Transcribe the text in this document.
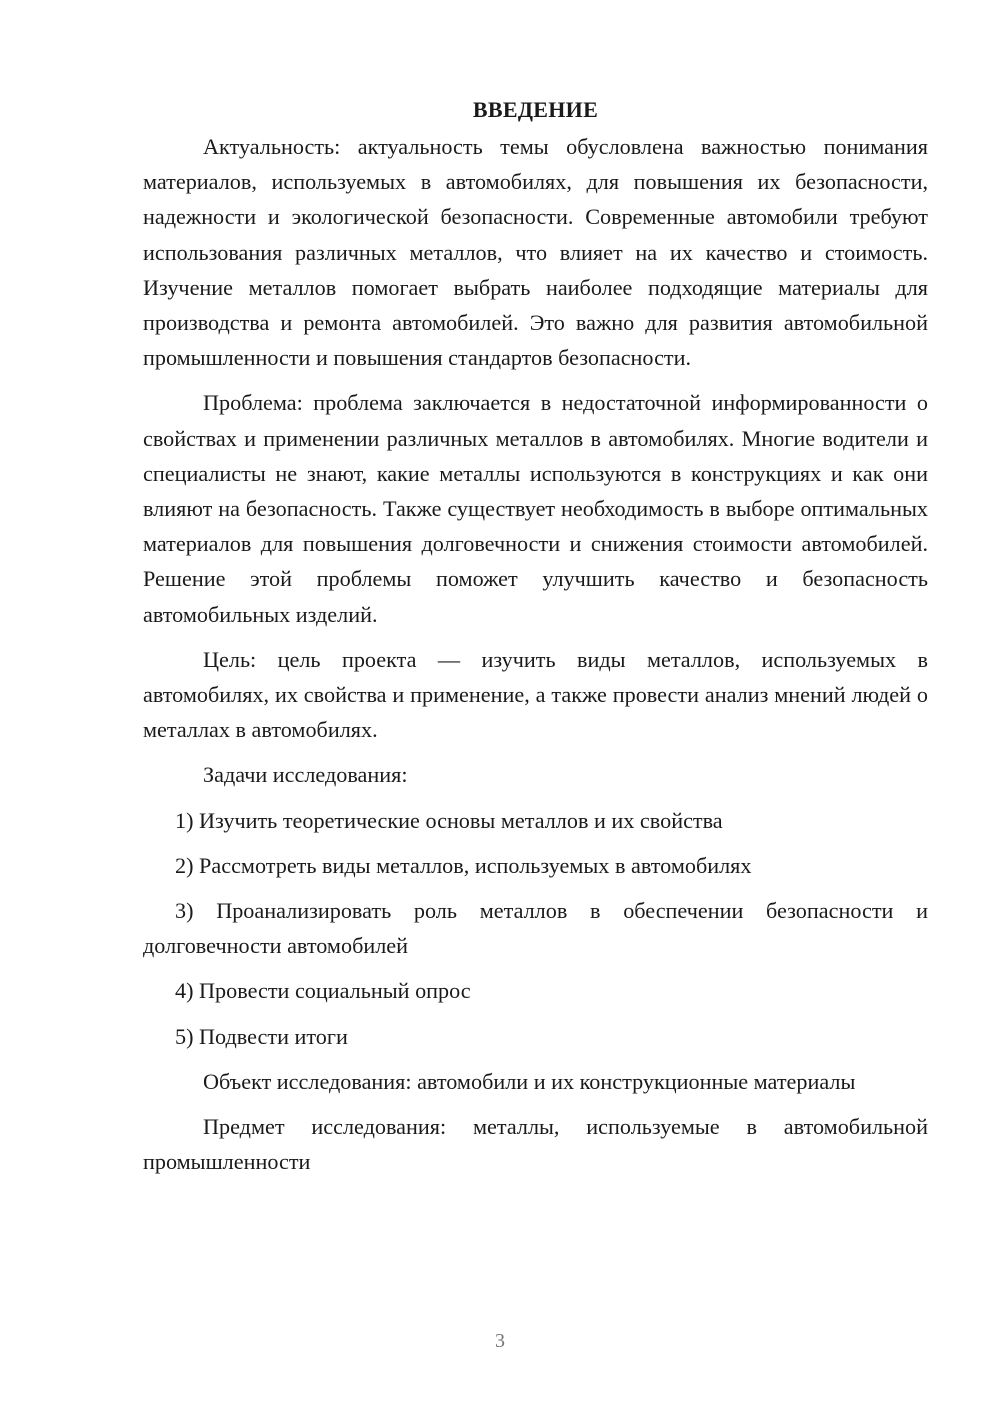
ВВЕДЕНИЕ

Актуальность: актуальность темы обусловлена важностью понимания материалов, используемых в автомобилях, для повышения их безопасности, надежности и экологической безопасности. Современные автомобили требуют использования различных металлов, что влияет на их качество и стоимость. Изучение металлов помогает выбрать наиболее подходящие материалы для производства и ремонта автомобилей. Это важно для развития автомобильной промышленности и повышения стандартов безопасности.

Проблема: проблема заключается в недостаточной информированности о свойствах и применении различных металлов в автомобилях. Многие водители и специалисты не знают, какие металлы используются в конструкциях и как они влияют на безопасность. Также существует необходимость в выборе оптимальных материалов для повышения долговечности и снижения стоимости автомобилей. Решение этой проблемы поможет улучшить качество и безопасность автомобильных изделий.

Цель: цель проекта — изучить виды металлов, используемых в автомобилях, их свойства и применение, а также провести анализ мнений людей о металлах в автомобилях.

Задачи исследования:

1) Изучить теоретические основы металлов и их свойства

2) Рассмотреть виды металлов, используемых в автомобилях

3) Проанализировать роль металлов в обеспечении безопасности и долговечности автомобилей

4) Провести социальный опрос

5) Подвести итоги

Объект исследования: автомобили и их конструкционные материалы

Предмет исследования: металлы, используемые в автомобильной промышленности

3
